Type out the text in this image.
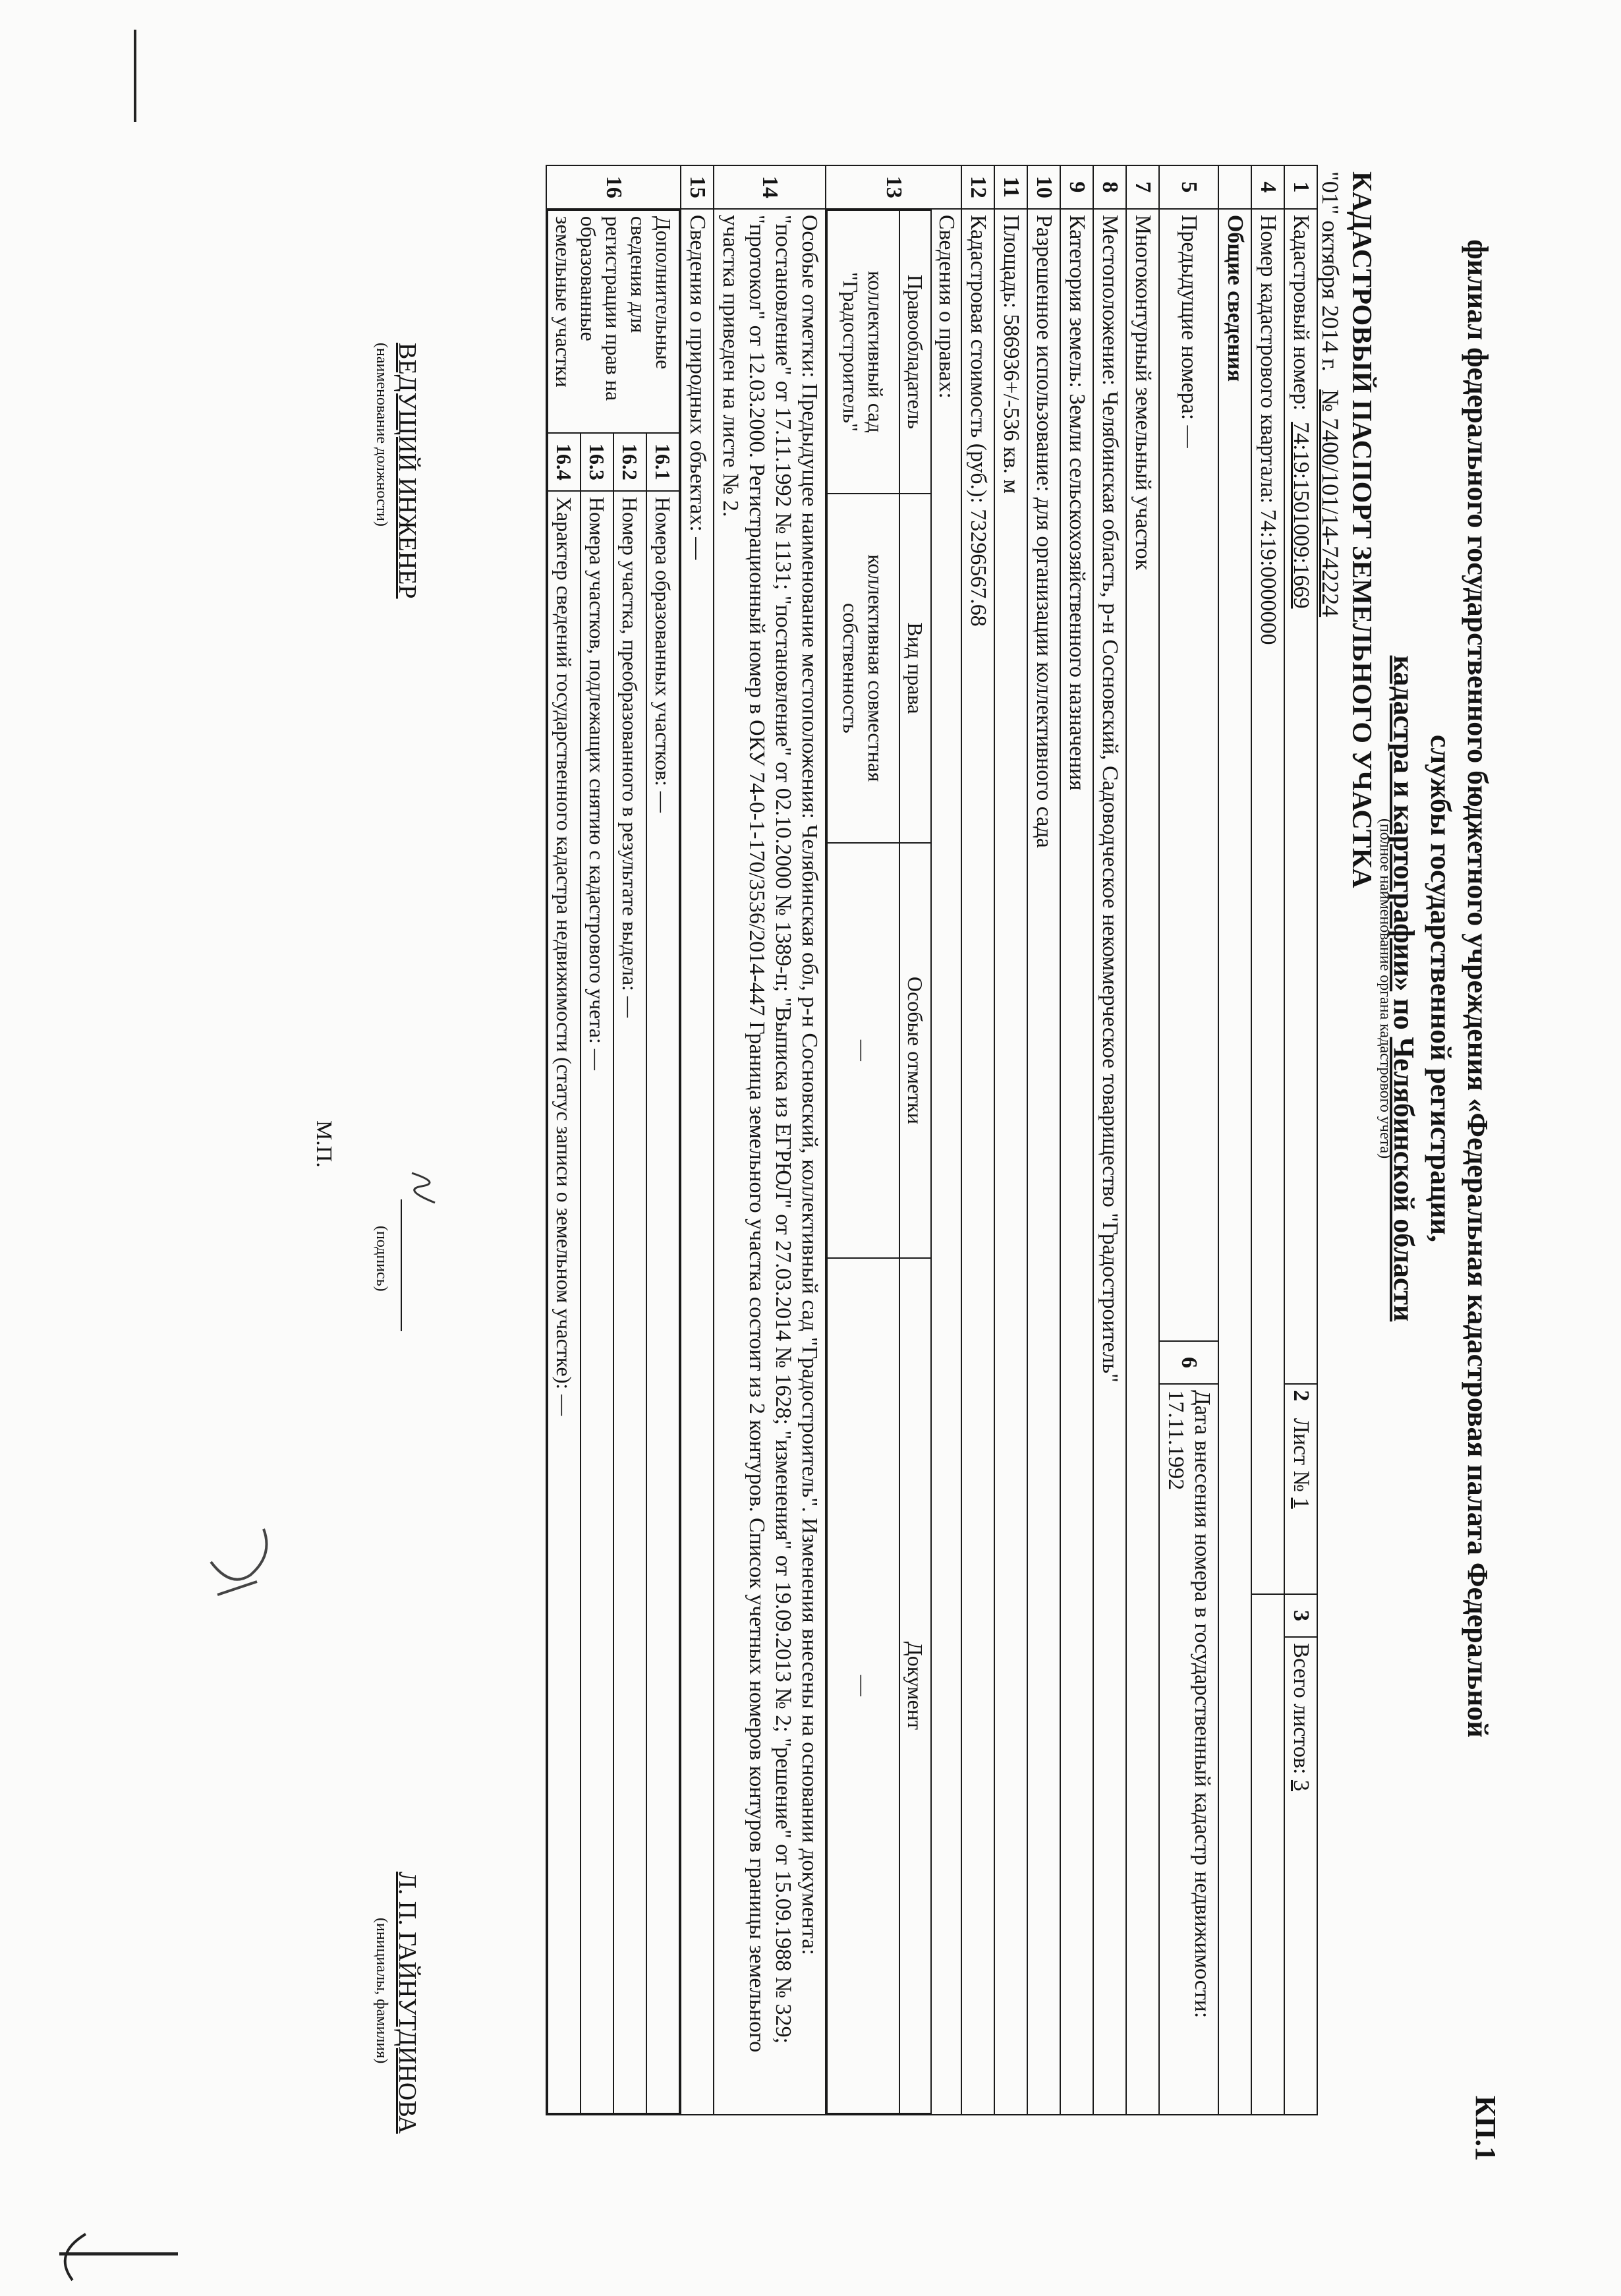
филиал федерального государственного бюджетного учреждения «Федеральная кадастровая палата Федеральной службы государственной регистрации,
кадастра и картографии» по Челябинской области
(полное наименование органа кадастрового учета)
КП.1
КАДАСТРОВЫЙ ПАСПОРТ ЗЕМЕЛЬНОГО УЧАСТКА
"01" октября 2014 г.   № 7400/101/14-742224
1	Кадастровый номер:  74:19:1501009:1669	2   Лист № 1	3	Всего листов: 3
4	Номер кадастрового квартала: 74:19:0000000	
	Общие сведения
5	Предыдущие номера: —	6	Дата внесения номера в государственный кадастр недвижимости: 17.11.1992
7	Многоконтурный земельный участок
8	Местоположение: Челябинская область, р-н Сосновский, Садоводческое некоммерческое товарищество "Градостроитель"
9	Категория земель: Земли сельскохозяйственного назначения
10	Разрешенное использование: для организации коллективного сада
11	Площадь: 586936+/-536 кв. м
12	Кадастровая стоимость (руб.): 73296567.68
13	
Сведения о правах:
Правообладатель	Вид права	Особые отметки	Документ
коллективный сад "Градостроитель"	коллективная совместная собственность	—	—

14	Особые отметки: Предыдущее наименование местоположения: Челябинская обл, р-н Сосновский, коллективный сад "Градостроитель". Изменения внесены на основании документа: "постановление" от 17.11.1992 № 1131; "постановление" от 02.10.2000 № 1389-п; "Выписка из ЕГРЮЛ" от 27.03.2014 № 1628; "изменения" от 19.09.2013 № 2; "решение" от 15.09.1988 № 329; "протокол" от 12.03.2000. Регистрационный номер в ОКУ 74-0-1-170/3536/2014-447 Граница земельного участка состоит из 2 контуров. Список учетных номеров контуров границы земельного участка приведен на листе № 2.
15	Сведения о природных объектах: —
16	
Дополнительные сведения для регистрации прав на образованные земельные участки	16.1	Номера образованных участков: —
16.2	Номер участка, преобразованного в результате выдела: —
16.3	Номера участков, подлежащих снятию с кадастрового учета: —
16.4	Характер сведений государственного кадастра недвижимости (статус записи о земельном участке): —
ВЕДУЩИЙ ИНЖЕНЕР
(наименование должности)
(подпись)
Л. П. ГАЙНУТДИНОВА
(инициалы, фамилия)
М.П.
